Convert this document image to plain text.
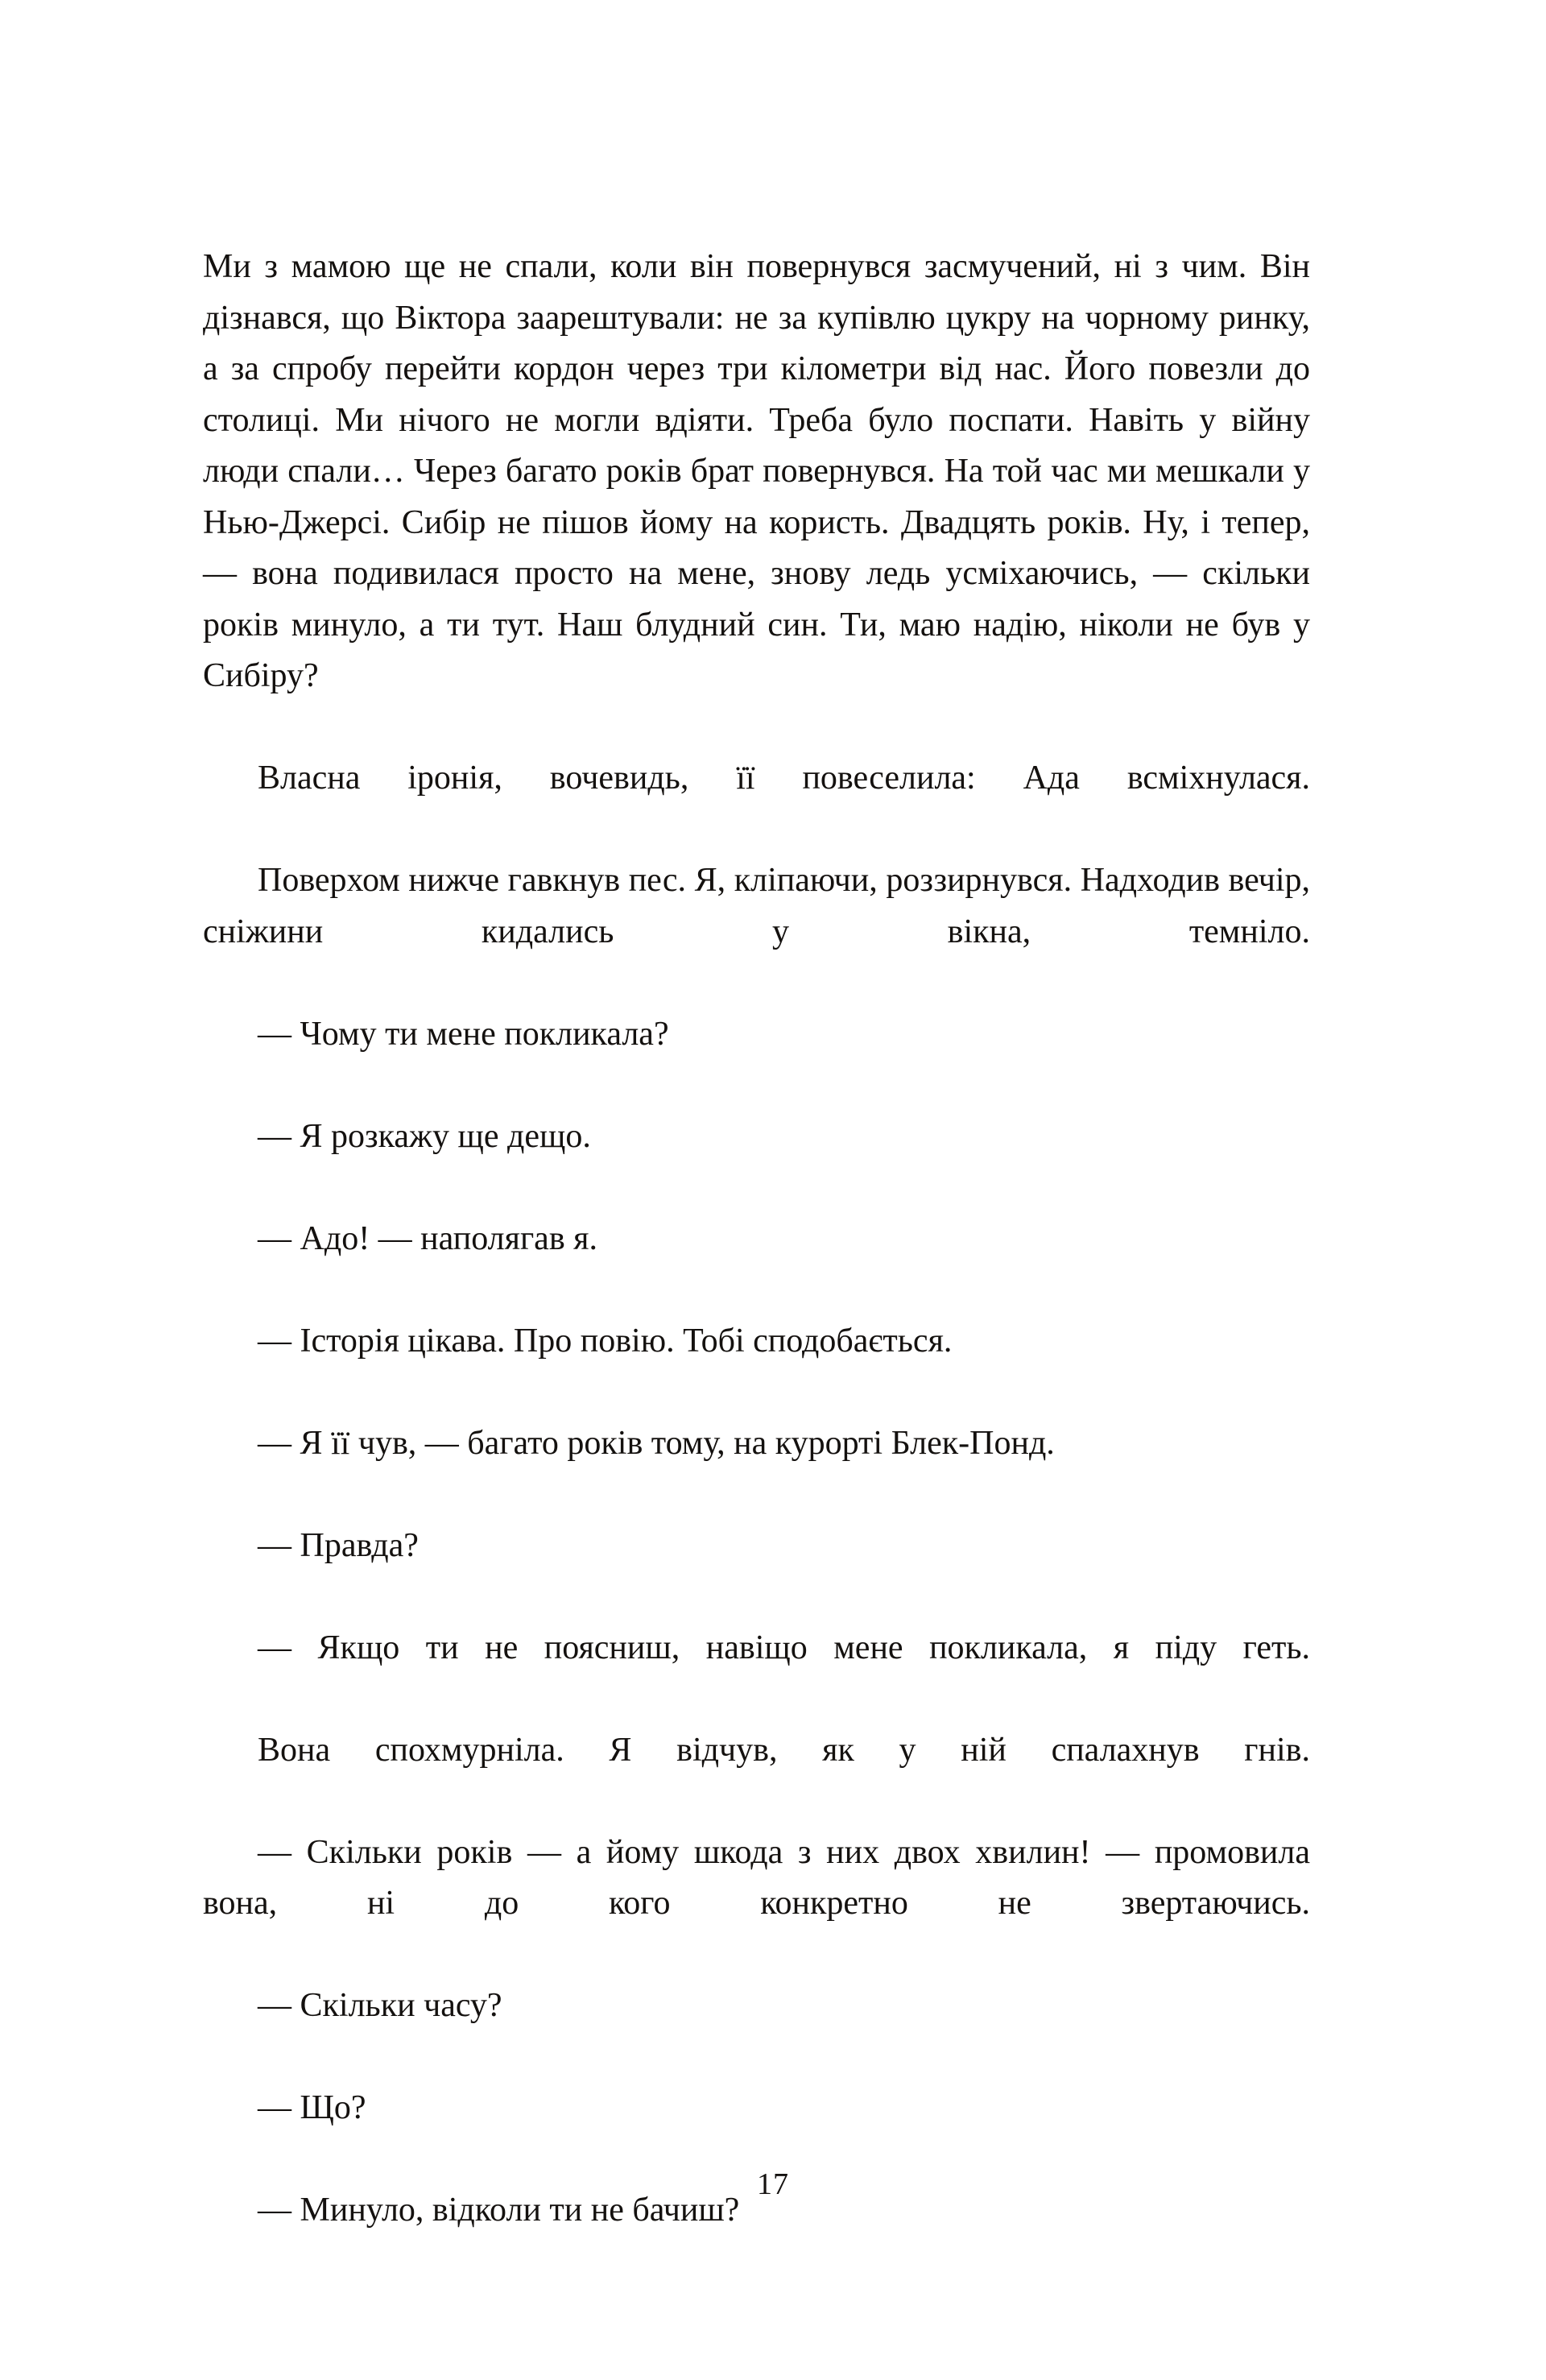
Ми з мамою ще не спали, коли він повернувся засмучений, ні з чим. Він дізнався, що Віктора заарештували: не за купівлю цукру на чорному ринку, а за спробу перейти кордон через три кілометри від нас. Його повезли до столиці. Ми нічого не могли вдіяти. Треба було поспати. Навіть у війну люди спали… Через багато років брат повернувся. На той час ми мешкали у Нью-Джерсі. Сибір не пішов йому на користь. Двадцять років. Ну, і тепер, — вона подивилася просто на мене, знову ледь усміхаючись, — скільки років минуло, а ти тут. Наш блудний син. Ти, маю надію, ніколи не був у Сибіру?

Власна іронія, вочевидь, її повеселила: Ада всміхнулася.

Поверхом нижче гавкнув пес. Я, кліпаючи, роззирнувся. Надходив вечір, сніжини кидались у вікна, темніло.

— Чому ти мене покликала?

— Я розкажу ще дещо.

— Адо! — наполягав я.

— Історія цікава. Про повію. Тобі сподобається.

— Я її чув, — багато років тому, на курорті Блек-Понд.

— Правда?

— Якщо ти не поясниш, навіщо мене покликала, я піду геть.

Вона спохмурніла. Я відчув, як у ній спалахнув гнів.

— Скільки років — а йому шкода з них двох хвилин! — промовила вона, ні до кого конкретно не звертаючись.

— Скільки часу?

— Що?

— Минуло, відколи ти не бачиш?

17
